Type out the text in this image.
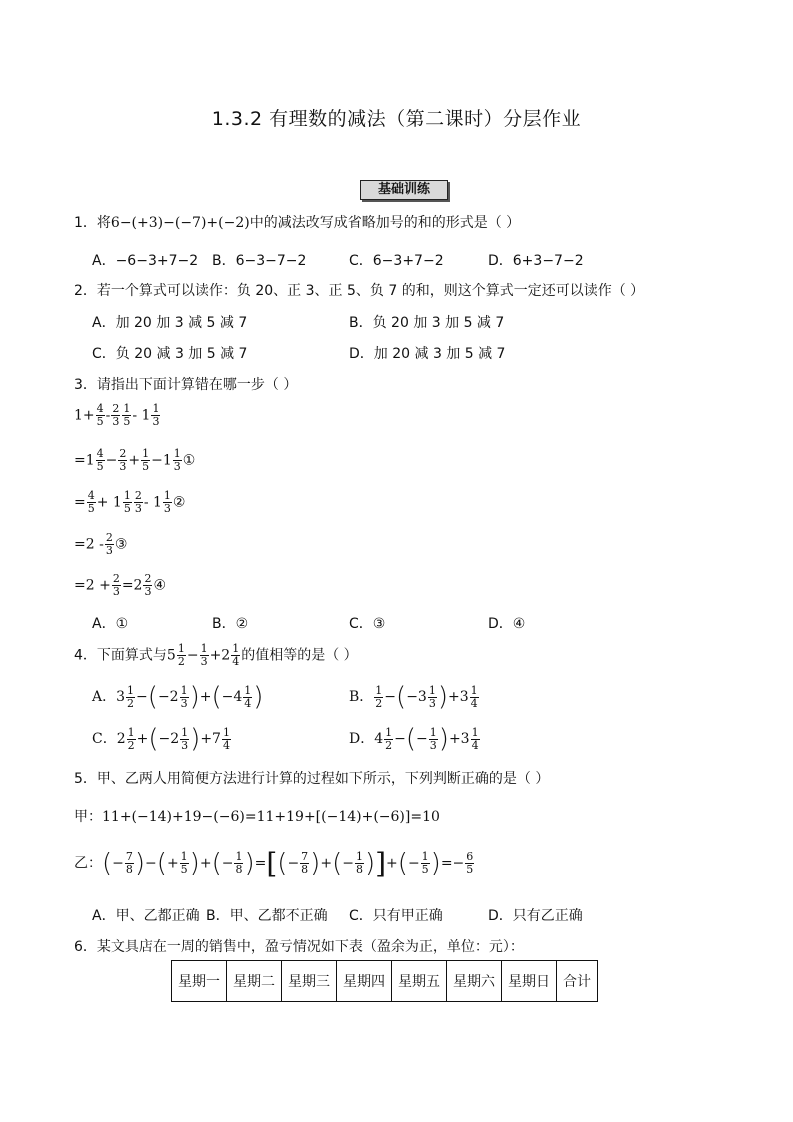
1.3.2 有理数的减法（第二课时）分层作业
基础训练
1．将6−(+3)−(−7)+(−2)中的减法改写成省略加号的和的形式是（ ）
A．−6−3+7−2 B．6−3−7−2	C．6−3+7−2	D．6+3−7−2
2．若一个算式可以读作：负 20、正 3、正 5、负 7 的和，则这个算式一定还可以读作（ ）
A．加 20 加 3 减 5 减 7	B．负 20 加 3 加 5 减 7
C．负 20 减 3 加 5 减 7	D．加 20 减 3 加 5 减 7
3．请指出下面计算错在哪一步（ ）
$1+ \frac{4}{5} - \frac{2}{3} \frac{1}{5} - 1 \frac{1}{3}$
$=1 \frac{4}{5} - \frac{2}{3} + \frac{1}{5} -1 \frac{1}{3}$ ①
= $\frac{4}{5} + 1 \frac{1}{5} \frac{2}{3} - 1 \frac{1}{3}$ ②
$=2 - \frac{2}{3}$ ③
$=2 + \frac{2}{3} =2 \frac{2}{3}$ ④
A．①	B．②	C．③	D．④
4．下面算式与$5 \frac{1}{2} - \frac{1}{3} +2 \frac{1}{4}$ 的值相等的是（ ）
A．$3 \frac{1}{2} -(-2 \frac{1}{3} )+(-4 \frac{1}{4}$ )	B． $\frac{1}{2} -(-3 \frac{1}{3} )+3 \frac{1}{4}$
C．$2 \frac{1}{2} +(-2 \frac{1}{3} )+7 \frac{1}{4}$	D．$4 \frac{1}{2}$ −(− $\frac{1}{3} )+3 \frac{1}{4}$
5．甲、乙两人用简便方法进行计算的过程如下所示，下列判断正确的是（ ）
甲：11+(−14)+19−(−6)=11+19+[(−14)+(−6)]=10
乙：(− $\frac{7}{8}$ )−(+ $\frac{1}{5}$ )+(− $\frac{1}{8}$ )=[(− $\frac{7}{8}$ )+(− $\frac{1}{8}$ )]+(− $\frac{1}{5}$ )=− $\frac{6}{5}$
A．甲、乙都正确 B．甲、乙都不正确 C．只有甲正确	D．只有乙正确
6．某文具店在一周的销售中，盈亏情况如下表（盈余为正，单位：元）：
星期一	星期二	星期三	星期四	星期五	星期六	星期日	合计
